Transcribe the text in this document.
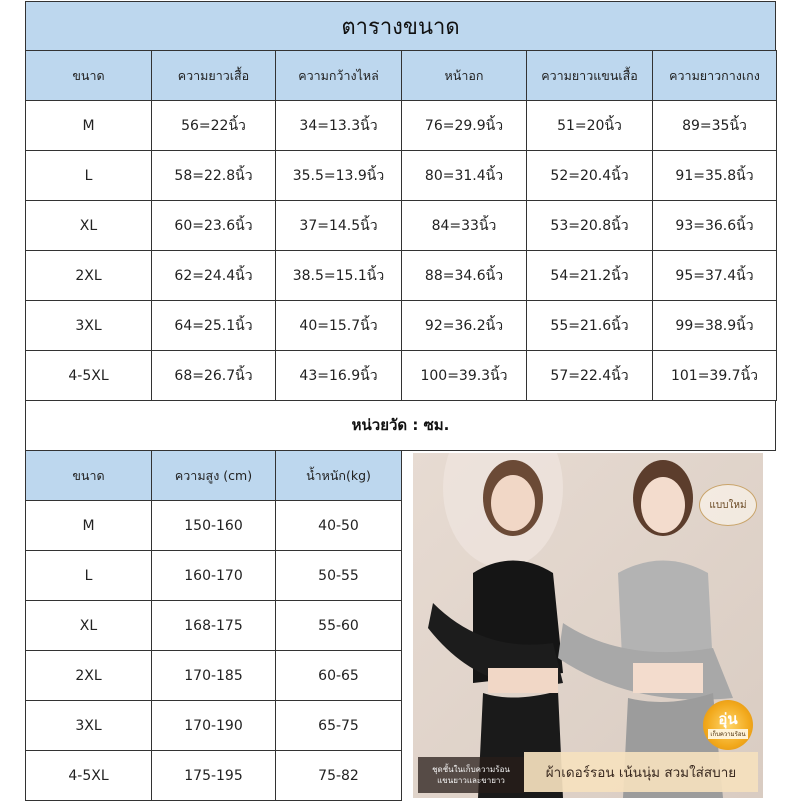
ตารางขนาด
ขนาด	ความยาวเสื้อ	ความกว้างไหล่	หน้าอก	ความยาวแขนเสื้อ	ความยาวกางเกง
M	56=22นิ้ว	34=13.3นิ้ว	76=29.9นิ้ว	51=20นิ้ว	89=35นิ้ว
L	58=22.8นิ้ว	35.5=13.9นิ้ว	80=31.4นิ้ว	52=20.4นิ้ว	91=35.8นิ้ว
XL	60=23.6นิ้ว	37=14.5นิ้ว	84=33นิ้ว	53=20.8นิ้ว	93=36.6นิ้ว
2XL	62=24.4นิ้ว	38.5=15.1นิ้ว	88=34.6นิ้ว	54=21.2นิ้ว	95=37.4นิ้ว
3XL	64=25.1นิ้ว	40=15.7นิ้ว	92=36.2นิ้ว	55=21.6นิ้ว	99=38.9นิ้ว
4-5XL	68=26.7นิ้ว	43=16.9นิ้ว	100=39.3นิ้ว	57=22.4นิ้ว	101=39.7นิ้ว
หน่วยวัด : ซม.
ขนาด	ความสูง (cm)	น้ำหนัก(kg)
M	150-160	40-50
L	160-170	50-55
XL	168-175	55-60
2XL	170-185	60-65
3XL	170-190	65-75
4-5XL	175-195	75-82
แบบใหม่
อุ่น
เก็บความร้อน
ชุดชั้นในเก็บความร้อน
แขนยาวและขายาว	ผ้าเดอร์รอน เน้นนุ่ม สวมใส่สบาย
